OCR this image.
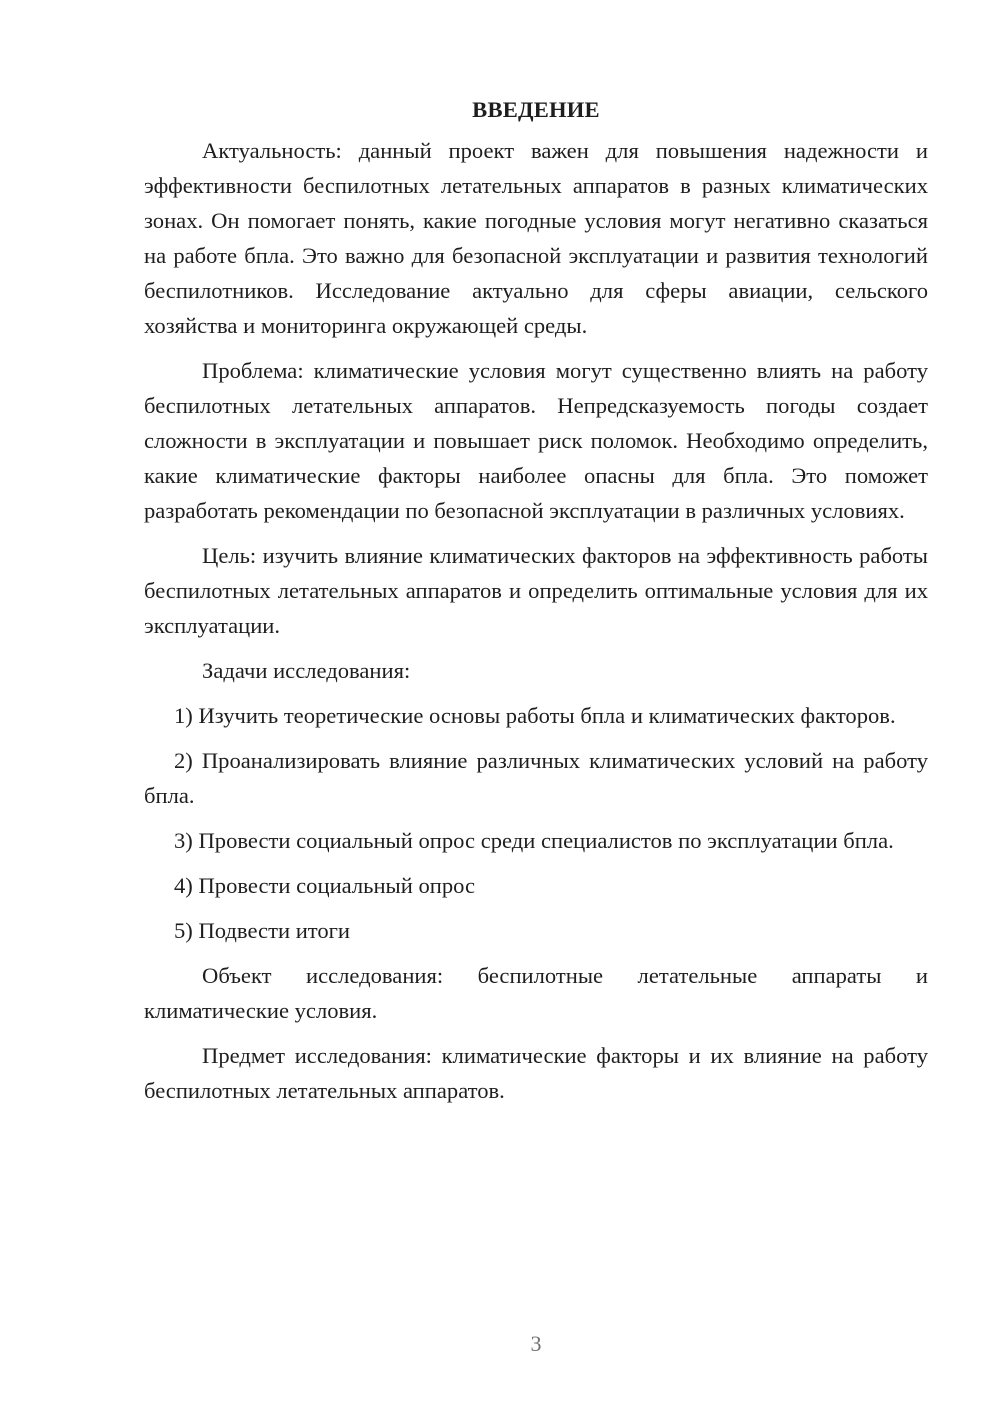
ВВЕДЕНИЕ

Актуальность: данный проект важен для повышения надежности и эффективности беспилотных летательных аппаратов в разных климатических зонах. Он помогает понять, какие погодные условия могут негативно сказаться на работе бпла. Это важно для безопасной эксплуатации и развития технологий беспилотников. Исследование актуально для сферы авиации, сельского хозяйства и мониторинга окружающей среды.

Проблема: климатические условия могут существенно влиять на работу беспилотных летательных аппаратов. Непредсказуемость погоды создает сложности в эксплуатации и повышает риск поломок. Необходимо определить, какие климатические факторы наиболее опасны для бпла. Это поможет разработать рекомендации по безопасной эксплуатации в различных условиях.

Цель: изучить влияние климатических факторов на эффективность работы беспилотных летательных аппаратов и определить оптимальные условия для их эксплуатации.

Задачи исследования:

1) Изучить теоретические основы работы бпла и климатических факторов.

2) Проанализировать влияние различных климатических условий на работу бпла.

3) Провести социальный опрос среди специалистов по эксплуатации бпла.

4) Провести социальный опрос

5) Подвести итоги

Объект исследования: беспилотные летательные аппараты и климатические условия.

Предмет исследования: климатические факторы и их влияние на работу беспилотных летательных аппаратов.

3
